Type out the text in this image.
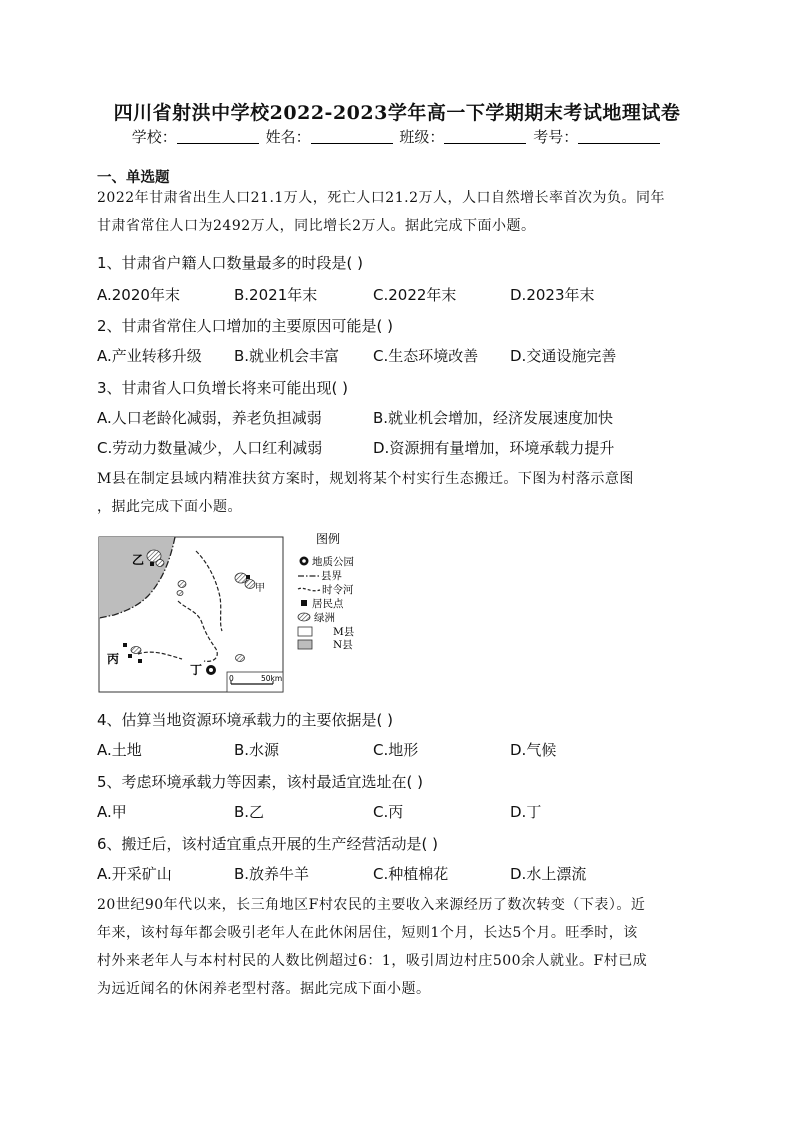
四川省射洪中学校2022-2023学年高一下学期期末考试地理试卷
学校：	姓名：	班级：	考号：
一、单选题
2022年甘肃省出生人口21.1万人，死亡人口21.2万人，人口自然增长率首次为负。同年
甘肃省常住人口为2492万人，同比增长2万人。据此完成下面小题。
1、甘肃省户籍人口数量最多的时段是( )
A.2020年末	B.2021年末	C.2022年末	D.2023年末
2、甘肃省常住人口增加的主要原因可能是( )
A.产业转移升级 B.就业机会丰富 C.生态环境改善 D.交通设施完善
3、甘肃省人口负增长将来可能出现( )
A.人口老龄化减弱，养老负担减弱	B.就业机会增加，经济发展速度加快
C.劳动力数量减少，人口红利减弱	D.资源拥有量增加，环境承载力提升
M县在制定县域内精准扶贫方案时，规划将某个村实行生态搬迁。下图为村落示意图
，据此完成下面小题。
乙
甲
丙
丁
0	50km
图例
地质公园
县界
时令河
居民点
绿洲
M县
N县
4、估算当地资源环境承载力的主要依据是( )
A.土地	B.水源	C.地形	D.气候
5、考虑环境承载力等因素，该村最适宜选址在( )
A.甲	B.乙	C.丙	D.丁
6、搬迁后，该村适宜重点开展的生产经营活动是( )
A.开采矿山	B.放养牛羊	C.种植棉花	D.水上漂流
20世纪90年代以来，长三角地区F村农民的主要收入来源经历了数次转变（下表）。近
年来，该村每年都会吸引老年人在此休闲居住，短则1个月，长达5个月。旺季时，该
村外来老年人与本村村民的人数比例超过6：1，吸引周边村庄500余人就业。F村已成
为远近闻名的休闲养老型村落。据此完成下面小题。
